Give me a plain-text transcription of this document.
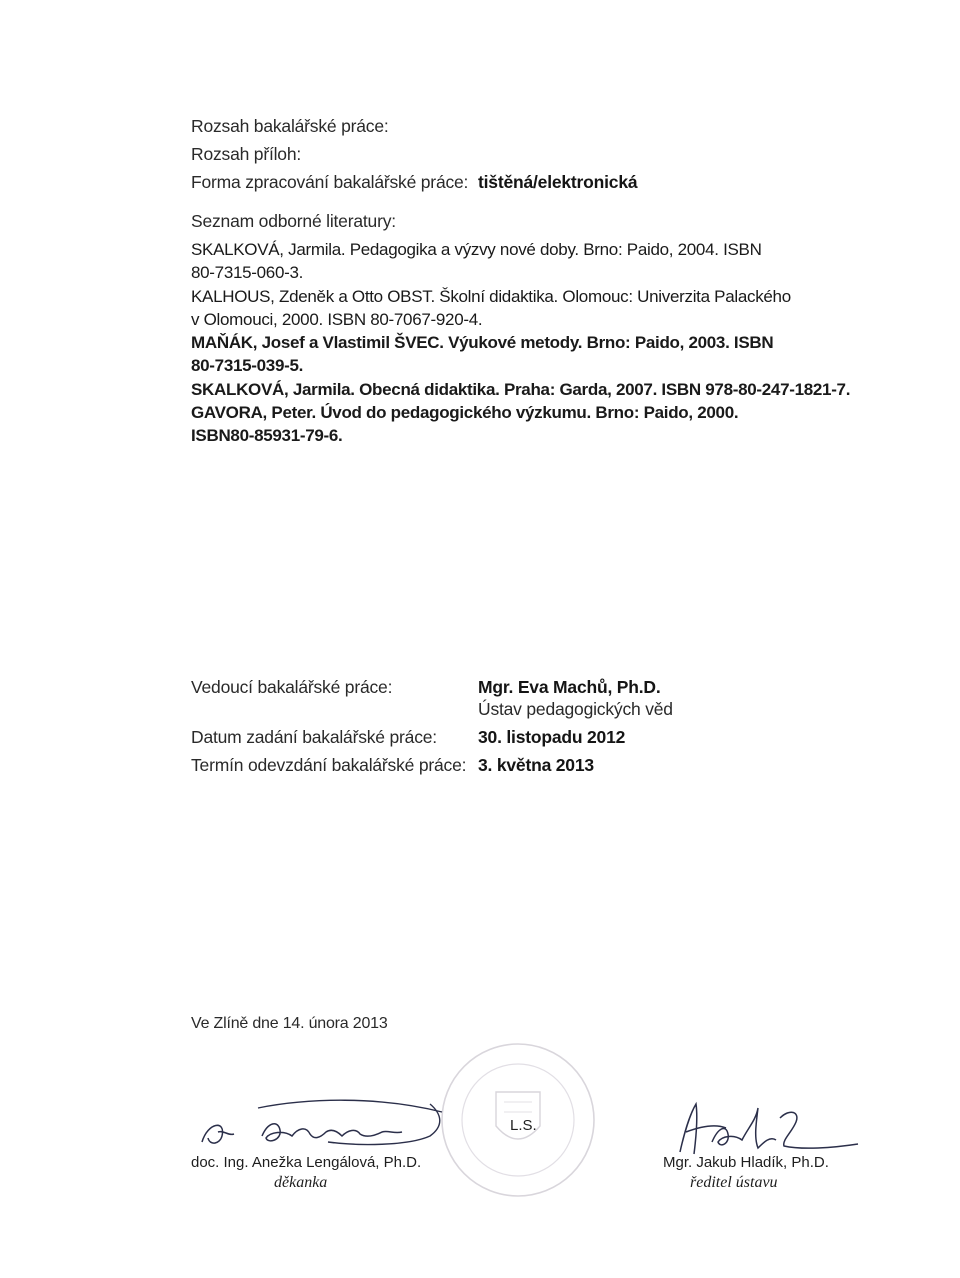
Rozsah bakalářské práce:
Rozsah příloh:
Forma zpracování bakalářské práce: tištěná/elektronická
Seznam odborné literatury:
SKALKOVÁ, Jarmila. Pedagogika a výzvy nové doby. Brno: Paido, 2004. ISBN
80-7315-060-3.
KALHOUS, Zdeněk a Otto OBST. Školní didaktika. Olomouc: Univerzita Palackého
v Olomouci, 2000. ISBN 80-7067-920-4.
MAŇÁK, Josef a Vlastimil ŠVEC. Výukové metody. Brno: Paido, 2003. ISBN
80-7315-039-5.
SKALKOVÁ, Jarmila. Obecná didaktika. Praha: Garda, 2007. ISBN 978-80-247-1821-7.
GAVORA, Peter. Úvod do pedagogického výzkumu. Brno: Paido, 2000.
ISBN80-85931-79-6.
Vedoucí bakalářské práce:	Mgr. Eva Machů, Ph.D.
Ústav pedagogických věd
Datum zadání bakalářské práce: 30. listopadu 2012
Termín odevzdání bakalářské práce: 3. května 2013
Ve Zlíně dne 14. února 2013
L.S.
doc. Ing. Anežka Lengálová, Ph.D.
děkanka
Mgr. Jakub Hladík, Ph.D.
ředitel ústavu
